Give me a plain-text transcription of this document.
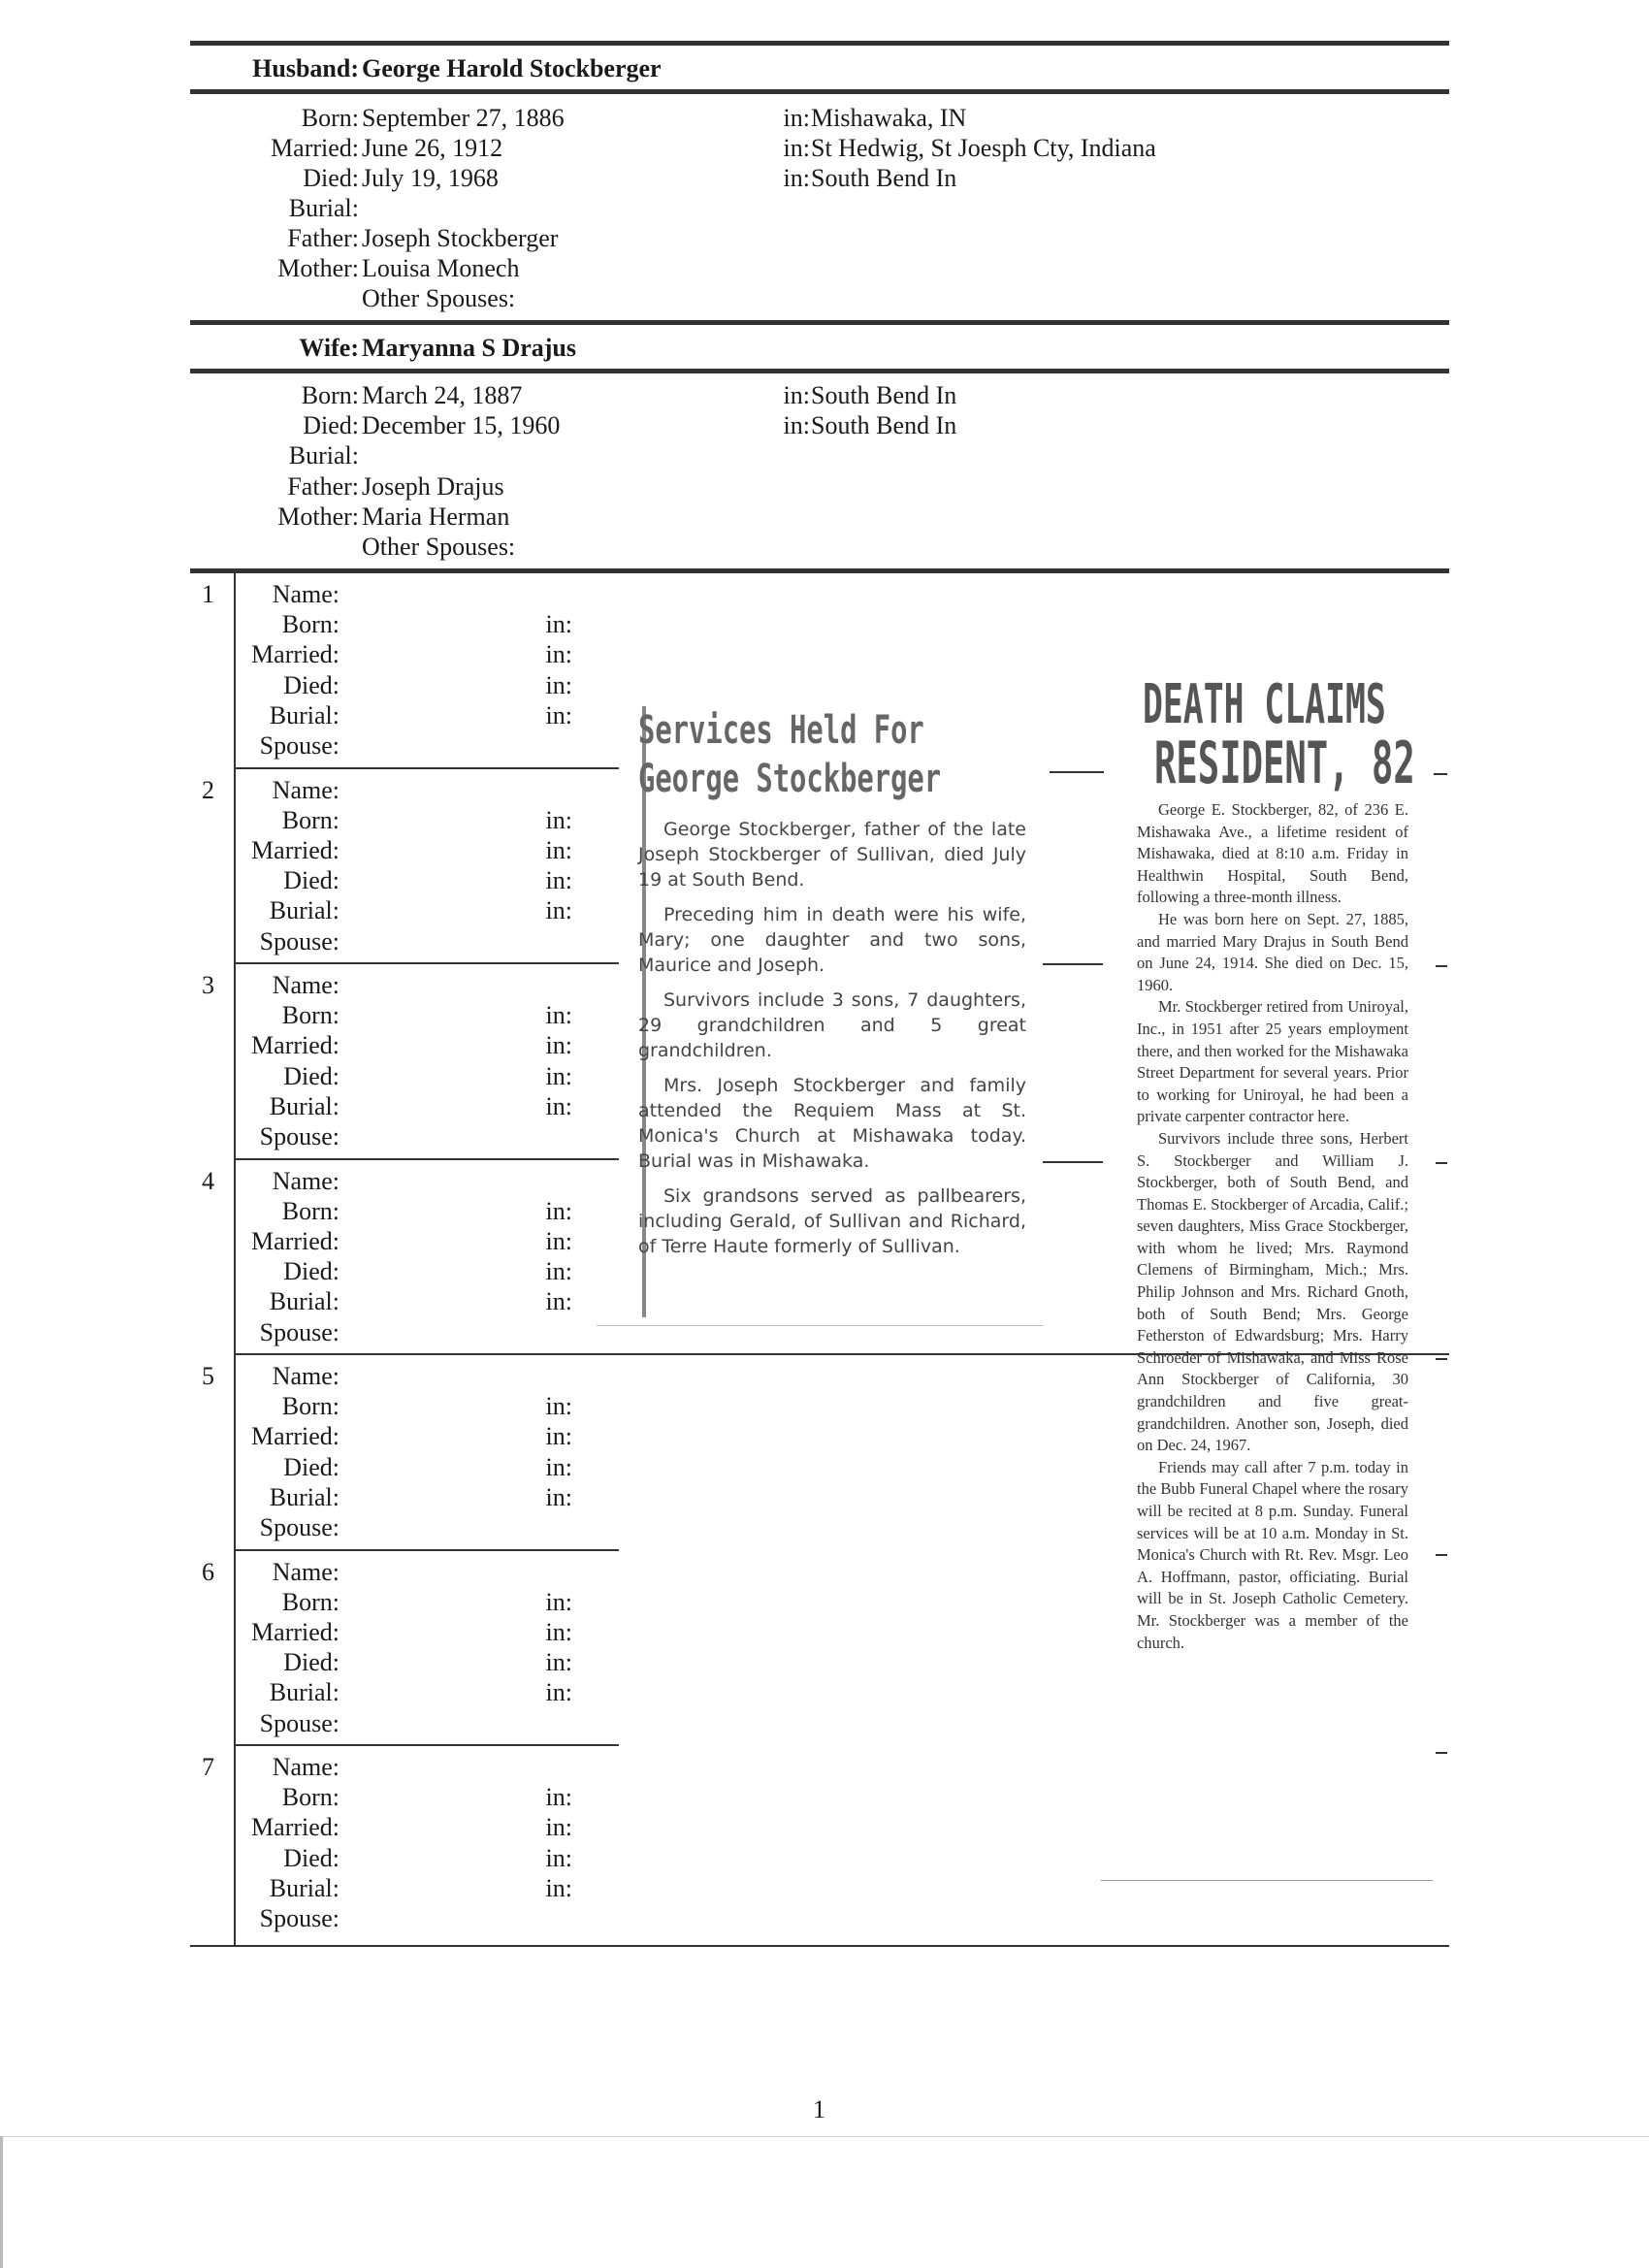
Husband: George Harold Stockberger
Born: September 27, 1886	in: Mishawaka, IN
Married: June 26, 1912	in: St Hedwig, St Joesph Cty, Indiana
Died: July 19, 1968	in: South Bend In
Burial:
Father: Joseph Stockberger
Mother: Louisa Monech
Other Spouses:
Wife: Maryanna S Drajus
Born: March 24, 1887	in: South Bend In
Died: December 15, 1960	in: South Bend In
Burial:
Father: Joseph Drajus
Mother: Maria Herman
Other Spouses:
1 Name:
Born:	in:
Married:	in:
Died:	in:
Burial:	in:
Spouse:
2 Name:
Born:	in:
Married:	in:
Died:	in:
Burial:	in:
Spouse:
3 Name:
Born:	in:
Married:	in:
Died:	in:
Burial:	in:
Spouse:
4 Name:
Born:	in:
Married:	in:
Died:	in:
Burial:	in:
Spouse:
5 Name:
Born:	in:
Married:	in:
Died:	in:
Burial:	in:
Spouse:
6 Name:
Born:	in:
Married:	in:
Died:	in:
Burial:	in:
Spouse:
7 Name:
Born:	in:
Married:	in:
Died:	in:
Burial:	in:
Spouse:
Services Held For
George Stockberger

George Stockberger, father of the late Joseph Stockberger of Sullivan, died July 19 at South Bend.

Preceding him in death were his wife, Mary; one daughter and two sons, Maurice and Joseph.

Survivors include 3 sons, 7 daughters, 29 grandchildren and 5 great grandchildren.

Mrs. Joseph Stockberger and family attended the Requiem Mass at St. Monica's Church at Mishawaka today. Burial was in Mishawaka.

Six grandsons served as pallbearers, including Gerald, of Sullivan and Richard, of Terre Haute formerly of Sullivan.

DEATH CLAIMS
RESIDENT, 82

George E. Stockberger, 82, of 236 E. Mishawaka Ave., a lifetime resident of Mishawaka, died at 8:10 a.m. Friday in Healthwin Hospital, South Bend, following a three-month illness.

He was born here on Sept. 27, 1885, and married Mary Drajus in South Bend on June 24, 1914. She died on Dec. 15, 1960.

Mr. Stockberger retired from Uniroyal, Inc., in 1951 after 25 years employment there, and then worked for the Mishawaka Street Department for several years. Prior to working for Uniroyal, he had been a private carpenter contractor here.

Survivors include three sons, Herbert S. Stockberger and William J. Stockberger, both of South Bend, and Thomas E. Stockberger of Arcadia, Calif.; seven daughters, Miss Grace Stockberger, with whom he lived; Mrs. Raymond Clemens of Birmingham, Mich.; Mrs. Philip Johnson and Mrs. Richard Gnoth, both of South Bend; Mrs. George Fetherston of Edwardsburg; Mrs. Harry Schroeder of Mishawaka, and Miss Rose Ann Stockberger of California, 30 grandchildren and five great-grandchildren. Another son, Joseph, died on Dec. 24, 1967.

Friends may call after 7 p.m. today in the Bubb Funeral Chapel where the rosary will be recited at 8 p.m. Sunday. Funeral services will be at 10 a.m. Monday in St. Monica's Church with Rt. Rev. Msgr. Leo A. Hoffmann, pastor, officiating. Burial will be in St. Joseph Catholic Cemetery. Mr. Stockberger was a member of the church.

1
